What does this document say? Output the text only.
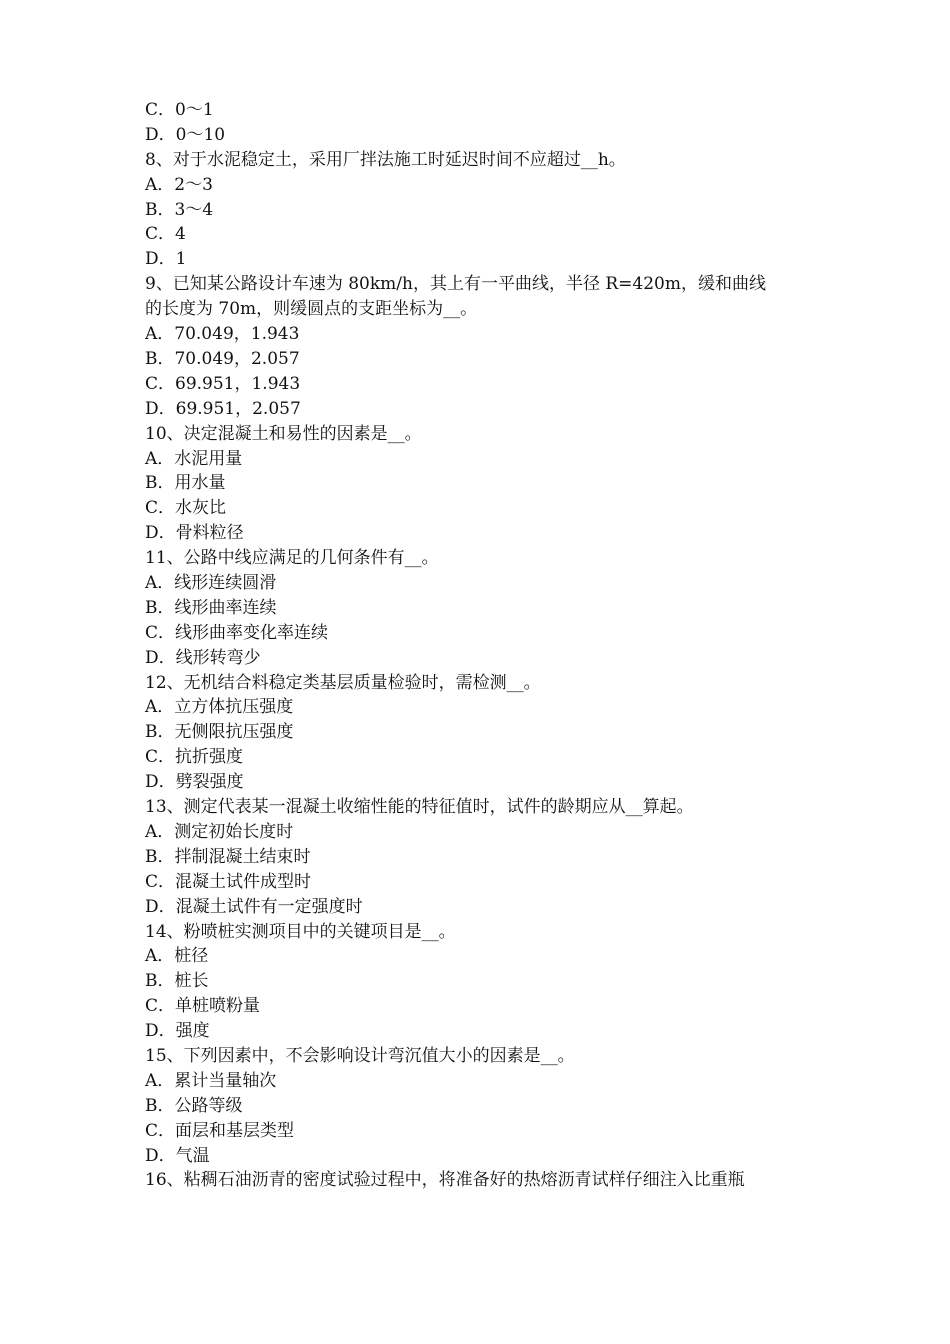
C．0～1

D．0～10

8、对于水泥稳定土，采用厂拌法施工时延迟时间不应超过__h。

A．2～3

B．3～4

C．4

D．1

9、已知某公路设计车速为 80km/h，其上有一平曲线，半径 R=420m，缓和曲线

的长度为 70m，则缓圆点的支距坐标为__。

A．70.049，1.943

B．70.049，2.057

C．69.951，1.943

D．69.951，2.057

10、决定混凝土和易性的因素是__。

A．水泥用量

B．用水量

C．水灰比

D．骨料粒径

11、公路中线应满足的几何条件有__。

A．线形连续圆滑

B．线形曲率连续

C．线形曲率变化率连续

D．线形转弯少

12、无机结合料稳定类基层质量检验时，需检测__。

A．立方体抗压强度

B．无侧限抗压强度

C．抗折强度

D．劈裂强度

13、测定代表某一混凝土收缩性能的特征值时，试件的龄期应从__算起。

A．测定初始长度时

B．拌制混凝土结束时

C．混凝土试件成型时

D．混凝土试件有一定强度时

14、粉喷桩实测项目中的关键项目是__。

A．桩径

B．桩长

C．单桩喷粉量

D．强度

15、下列因素中，不会影响设计弯沉值大小的因素是__。

A．累计当量轴次

B．公路等级

C．面层和基层类型

D．气温

16、粘稠石油沥青的密度试验过程中，将准备好的热熔沥青试样仔细注入比重瓶
